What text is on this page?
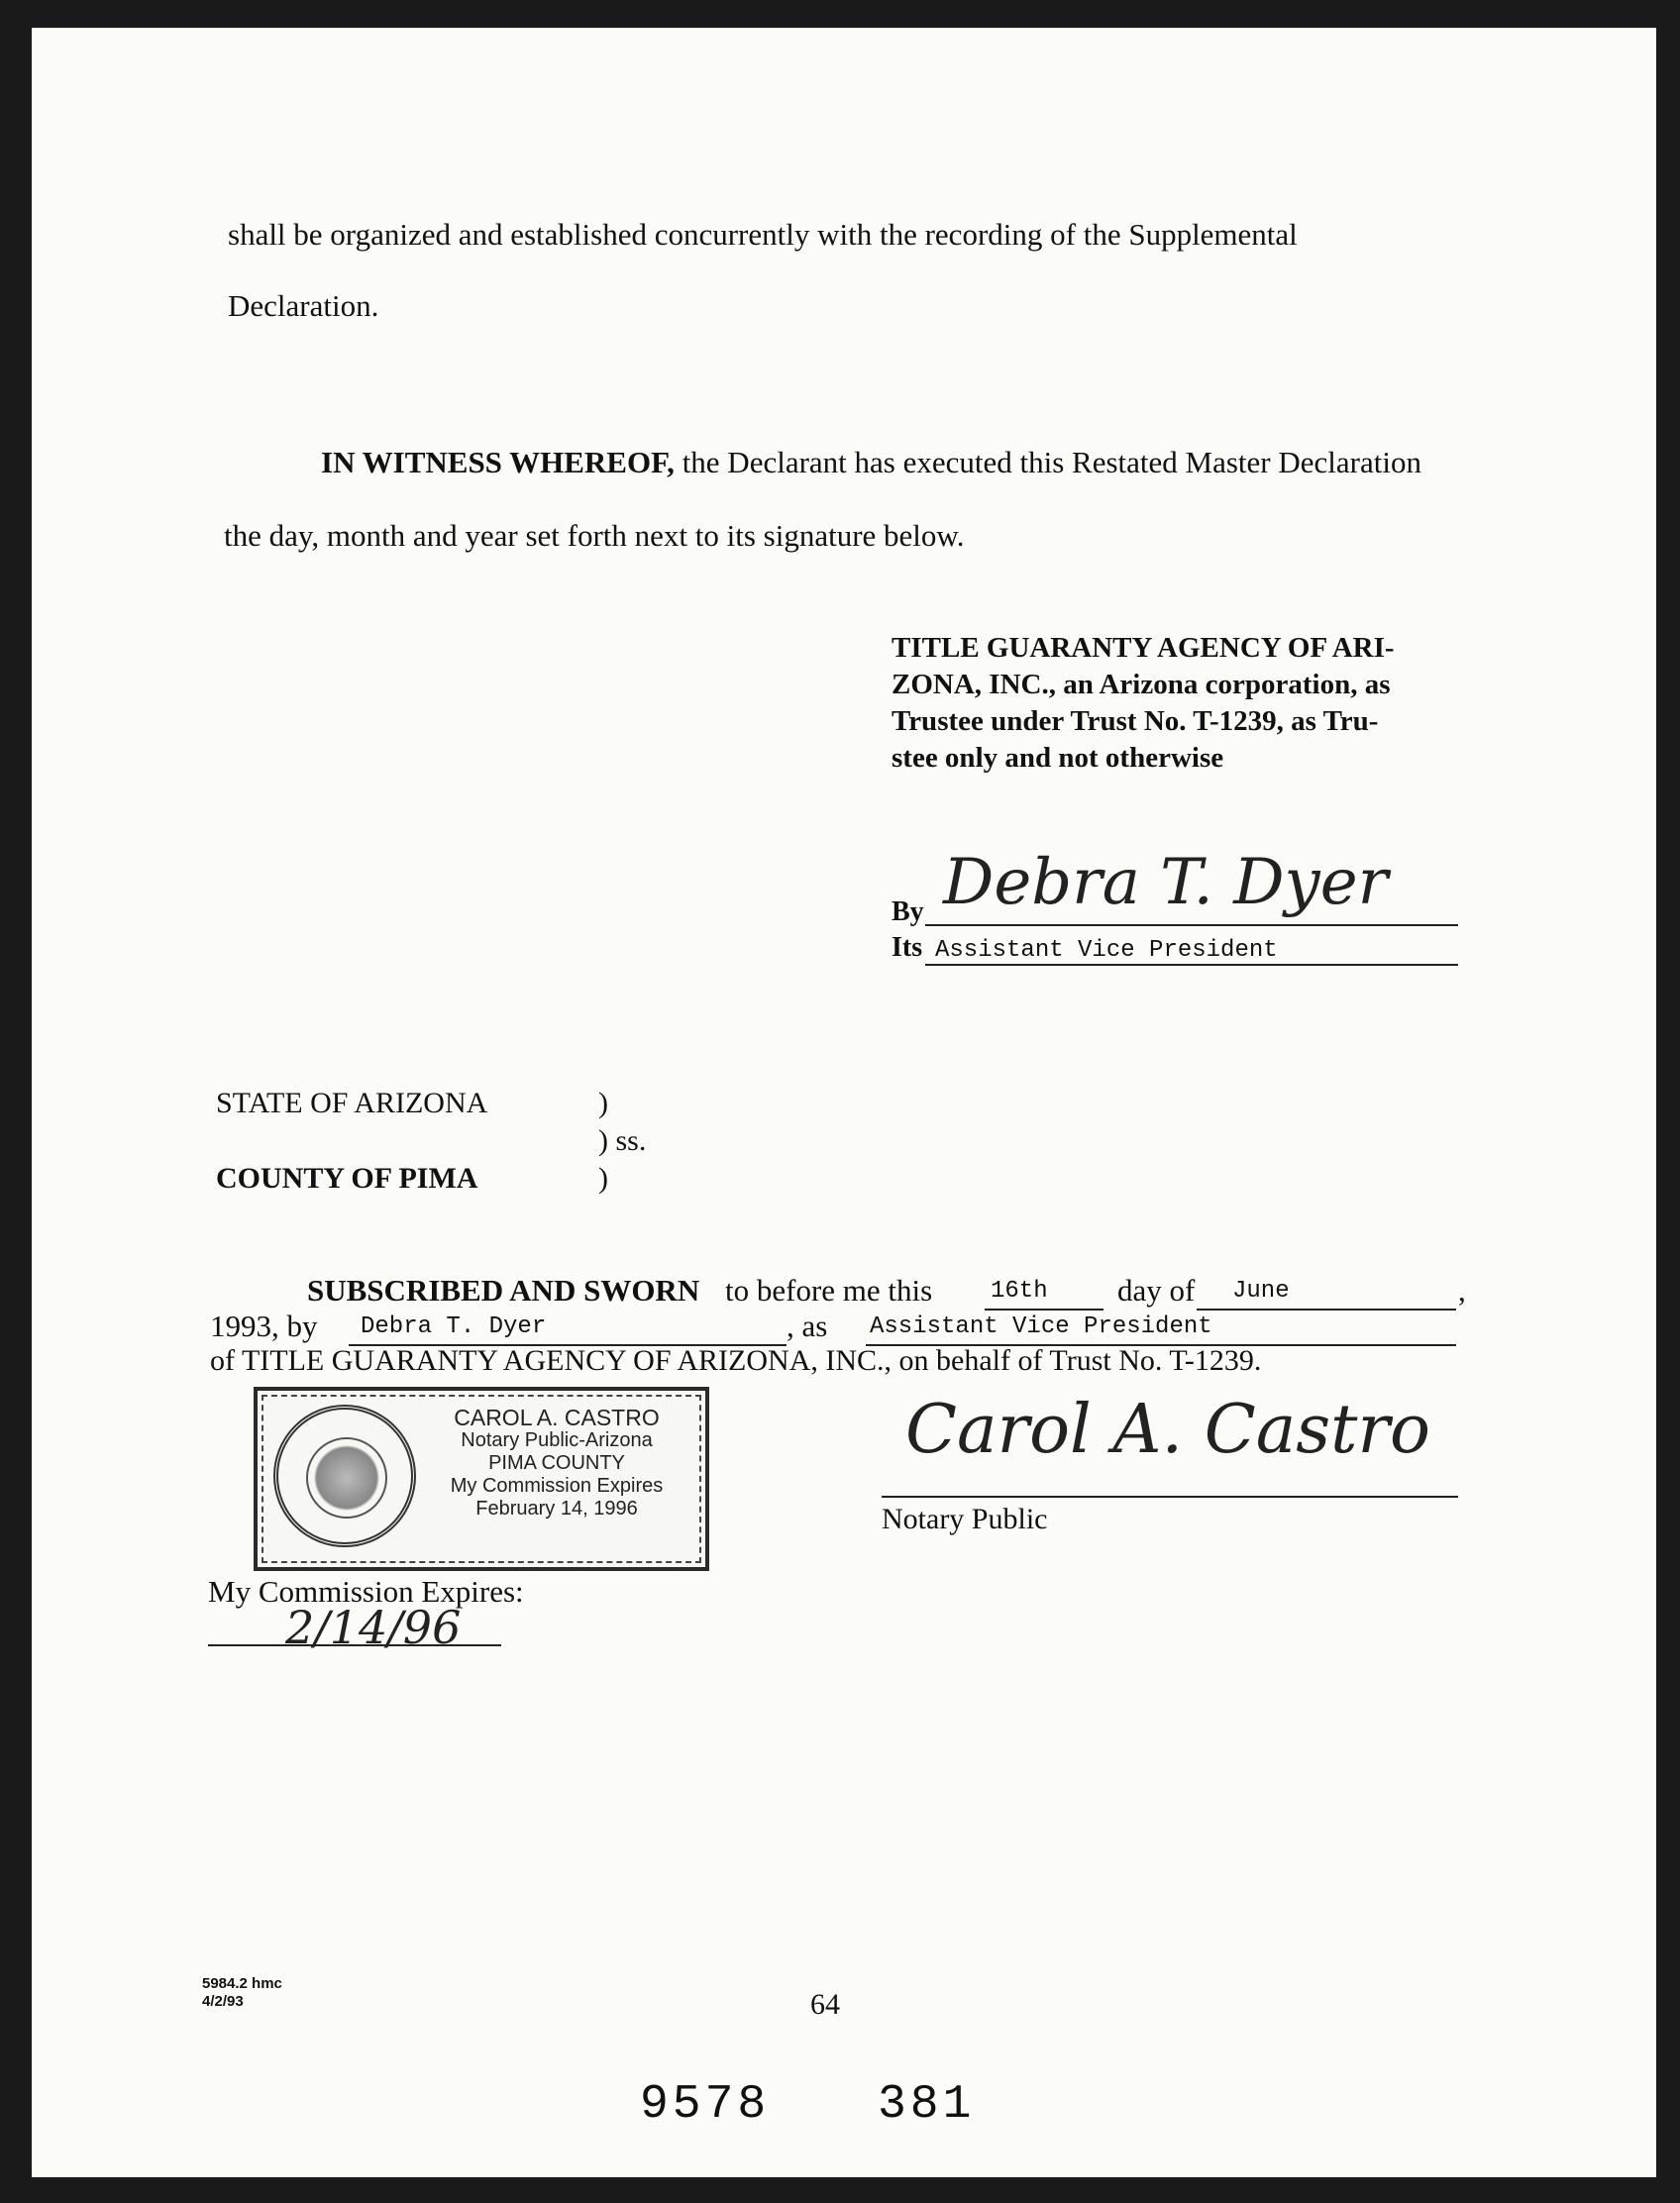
shall be organized and established concurrently with the recording of the Supplemental
Declaration.
IN WITNESS WHEREOF, the Declarant has executed this Restated Master Declaration
the day, month and year set forth next to its signature below.
TITLE GUARANTY AGENCY OF ARI-
ZONA, INC., an Arizona corporation, as
Trustee under Trust No. T-1239, as Tru-
stee only and not otherwise
By Debra T. Dyer
Its Assistant Vice President
STATE OF ARIZONA	)
) ss.
COUNTY OF PIMA	)
SUBSCRIBED AND SWORN to before me this 16th day of June	,
1993, by Debra T. Dyer	, as Assistant Vice President
of TITLE GUARANTY AGENCY OF ARIZONA, INC., on behalf of Trust No. T-1239.
CAROL A. CASTRO
Notary Public-Arizona
PIMA COUNTY
My Commission Expires
February 14, 1996
Carol A. Castro
Notary Public
My Commission Expires:
2/14/96
5984.2 hmc
4/2/93	64
9578 381
